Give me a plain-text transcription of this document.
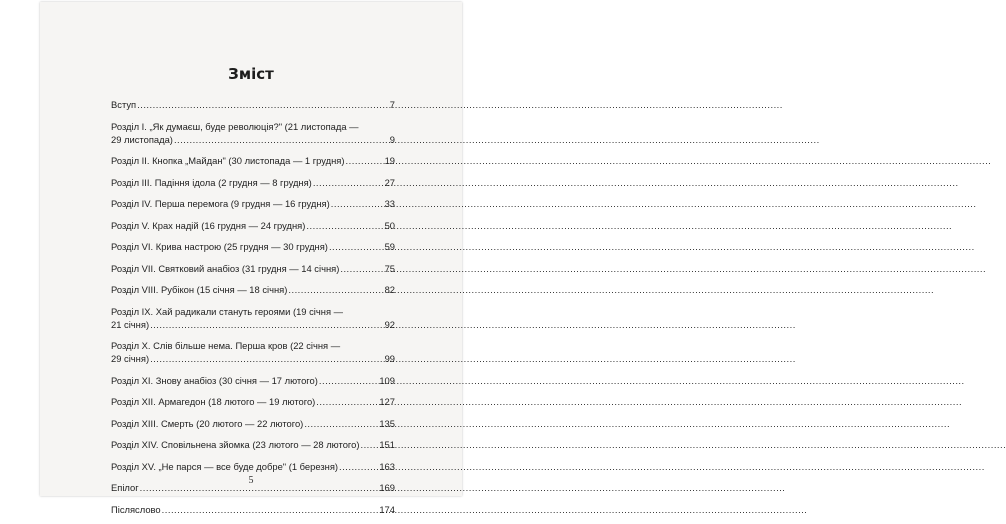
Зміст
Вступ .....	7
Розділ І. „Як думаєш, буде революція?" (21 листопада —
29 листопада) .....	9
Розділ ІІ. Кнопка „Майдан" (30 листопада — 1 грудня) .....	19
Розділ ІІІ. Падіння ідола (2 грудня — 8 грудня) .....	27
Розділ IV. Перша перемога (9 грудня — 16 грудня) .....	33
Розділ V. Крах надій (16 грудня — 24 грудня) .....	50
Розділ VI. Крива настрою (25 грудня — 30 грудня) .....	59
Розділ VII. Святковий анабіоз (31 грудня — 14 січня) .....	75
Розділ VIII. Рубікон (15 січня — 18 січня) .....	82
Розділ IX. Хай радикали стануть героями (19 січня —
21 січня) .....	92
Розділ Х. Слів більше нема. Перша кров (22 січня —
29 січня) .....	99
Розділ ХІ. Знову анабіоз (30 січня — 17 лютого) .....	109
Розділ ХІІ. Армагедон (18 лютого — 19 лютого) .....	127
Розділ ХІІІ. Смерть (20 лютого — 22 лютого) .....	135
Розділ XIV. Сповільнена зйомка (23 лютого — 28 лютого) ..... 151
Розділ XV. „Не парся — все буде добре" (1 березня) .....	163
Епілог .....	169
Післяслово .....	174
5
